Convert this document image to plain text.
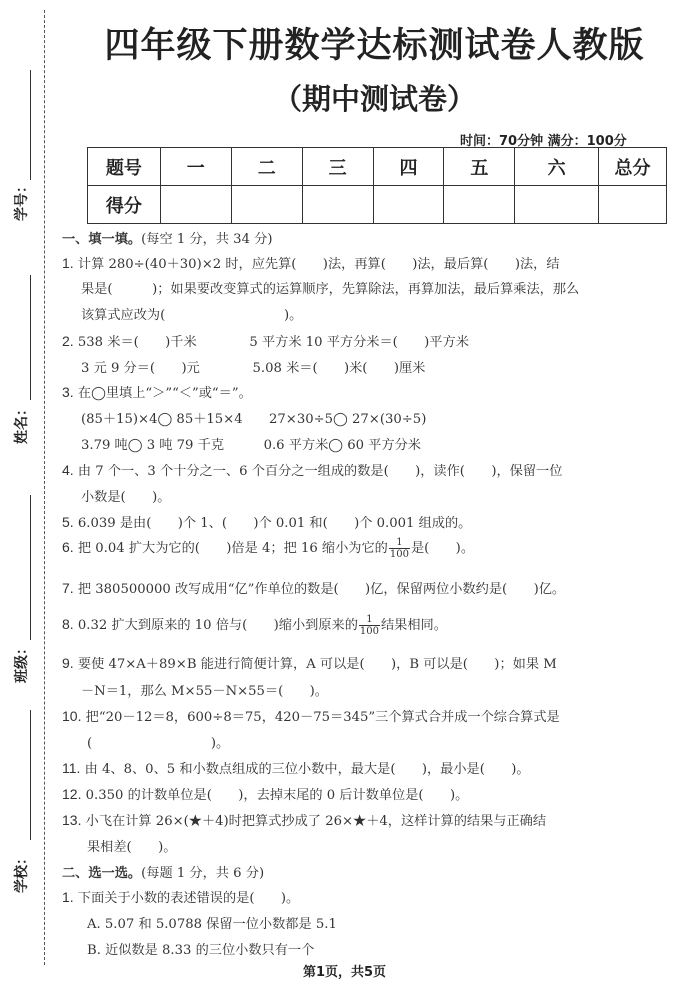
学号：
姓名：
班级：
学校：
四年级下册数学达标测试卷人教版
（期中测试卷）
时间：70分钟 满分：100分
题号	一	二	三	四	五	六	总分
得分							
一、填一填。(每空 1 分，共 34 分)
1. 计算 280÷(40＋30)×2 时，应先算(　　)法，再算(　　)法，最后算(　　)法，结
果是(　　　)；如果要改变算式的运算顺序，先算除法，再算加法，最后算乘法，那么
该算式应改为(　　　　　　　　　)。
2. 538 米＝(　　)千米　　　　5 平方米 10 平方分米＝(　　)平方米
3 元 9 分＝(　　)元　　　　5.08 米＝(　　)米(　　)厘米
3. 在◯里填上“＞”“＜”或“＝”。
(85＋15)×4◯ 85＋15×4　　27×30÷5◯ 27×(30÷5)
3.79 吨◯ 3 吨 79 千克　　　0.6 平方米◯ 60 平方分米
4. 由 7 个一、3 个十分之一、6 个百分之一组成的数是(　　)，读作(　　)，保留一位
小数是(　　)。
5. 6.039 是由(　　)个 1、(　　)个 0.01 和(　　)个 0.001 组成的。
6. 把 0.04 扩大为它的(　　)倍是 4；把 16 缩小为它的 $\frac{1}{100}$ 是(　　)。
7. 把 380500000 改写成用“亿”作单位的数是(　　)亿，保留两位小数约是(　　)亿。
8. 0.32 扩大到原来的 10 倍与(　　)缩小到原来的 $\frac{1}{100}$ 结果相同。
9. 要使 47×A＋89×B 能进行简便计算，A 可以是(　　)，B 可以是(　　)；如果 M
－N＝1，那么 M×55－N×55＝(　　)。
10. 把“20－12＝8，600÷8＝75，420－75＝345”三个算式合并成一个综合算式是
(　　　　　　　　　)。
11. 由 4、8、0、5 和小数点组成的三位小数中，最大是(　　)，最小是(　　)。
12. 0.350 的计数单位是(　　)，去掉末尾的 0 后计数单位是(　　)。
13. 小飞在计算 26×(★＋4)时把算式抄成了 26×★＋4，这样计算的结果与正确结
果相差(　　)。
二、选一选。(每题 1 分，共 6 分)
1. 下面关于小数的表述错误的是(　　)。
A. 5.07 和 5.0788 保留一位小数都是 5.1
B. 近似数是 8.33 的三位小数只有一个
第1页，共5页
